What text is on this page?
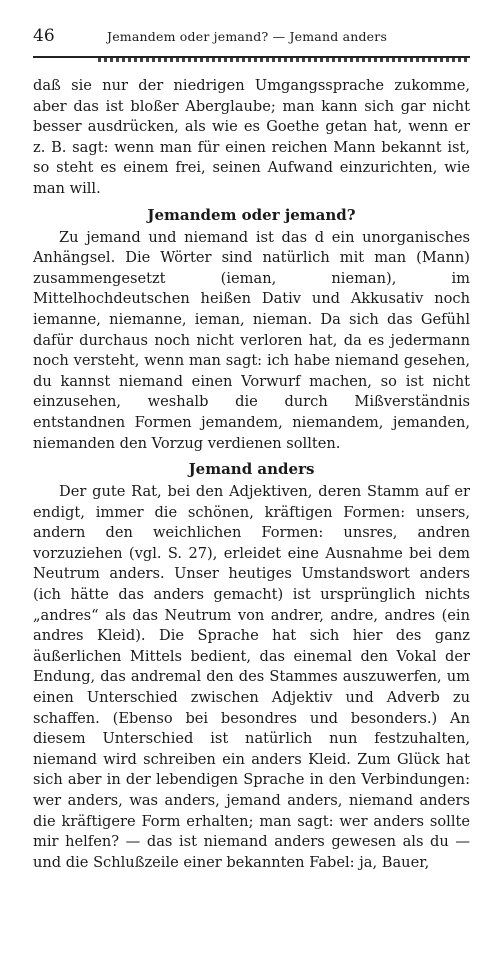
46	Jemandem oder jemand? — Jemand anders

daß sie nur der niedrigen Umgangssprache zukomme, aber das ist bloßer Aberglaube; man kann sich gar nicht besser ausdrücken, als wie es Goethe getan hat, wenn er z. B. sagt: wenn man für einen reichen Mann bekannt ist, so steht es einem frei, seinen Aufwand einzurichten, wie man will.

Jemandem oder jemand?

Zu jemand und niemand ist das d ein unorganisches Anhängsel. Die Wörter sind natürlich mit man (Mann) zusammengesetzt (ieman, nieman), im Mittelhochdeutschen heißen Dativ und Akkusativ noch iemanne, niemanne, ieman, nieman. Da sich das Gefühl dafür durchaus noch nicht verloren hat, da es jedermann noch versteht, wenn man sagt: ich habe niemand gesehen, du kannst niemand einen Vorwurf machen, so ist nicht einzusehen, weshalb die durch Mißverständnis entstandnen Formen jemandem, niemandem, jemanden, niemanden den Vorzug verdienen sollten.

Jemand anders

Der gute Rat, bei den Adjektiven, deren Stamm auf er endigt, immer die schönen, kräftigen Formen: unsers, andern den weichlichen Formen: unsres, andren vorzuziehen (vgl. S. 27), erleidet eine Ausnahme bei dem Neutrum anders. Unser heutiges Umstandswort anders (ich hätte das anders gemacht) ist ursprünglich nichts „andres“ als das Neutrum von andrer, andre, andres (ein andres Kleid). Die Sprache hat sich hier des ganz äußerlichen Mittels bedient, das einemal den Vokal der Endung, das andremal den des Stammes auszuwerfen, um einen Unterschied zwischen Adjektiv und Adverb zu schaffen. (Ebenso bei besondres und besonders.) An diesem Unterschied ist natürlich nun festzuhalten, niemand wird schreiben ein anders Kleid. Zum Glück hat sich aber in der lebendigen Sprache in den Verbindungen: wer anders, was anders, jemand anders, niemand anders die kräftigere Form erhalten; man sagt: wer anders sollte mir helfen? — das ist niemand anders gewesen als du — und die Schlußzeile einer bekannten Fabel: ja, Bauer,
